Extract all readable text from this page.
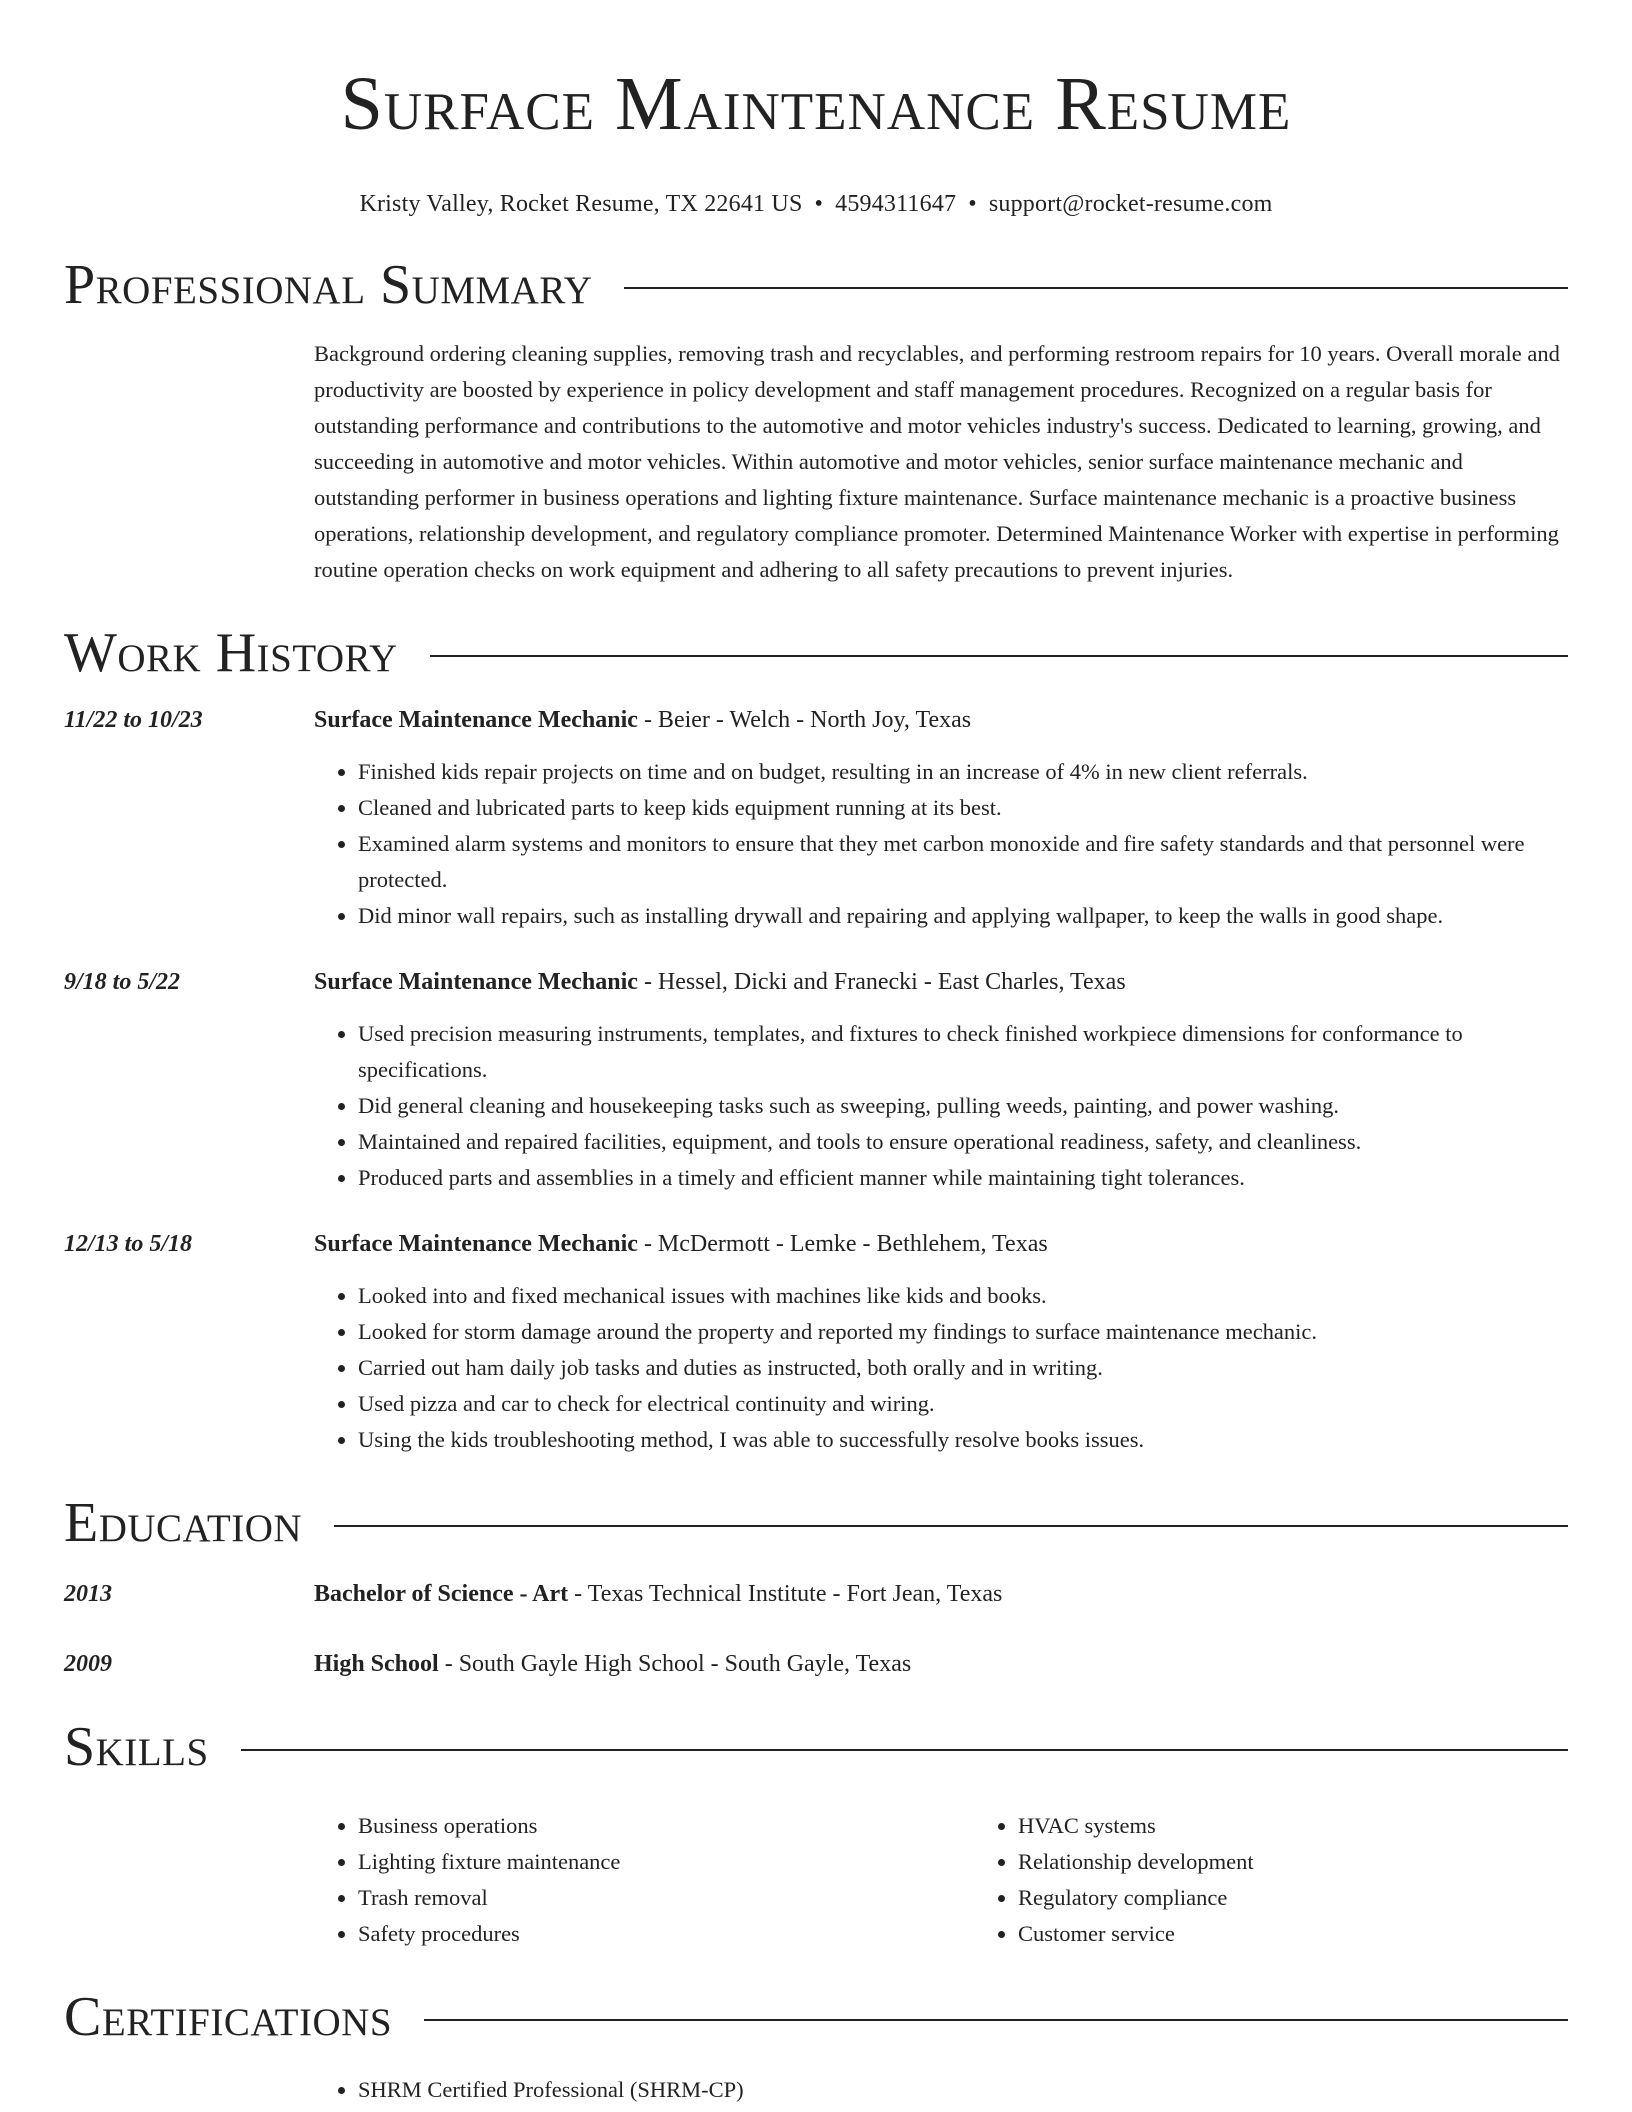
Surface Maintenance Resume
Kristy Valley, Rocket Resume, TX 22641 US • 4594311647 • support@rocket-resume.com
Professional Summary
Background ordering cleaning supplies, removing trash and recyclables, and performing restroom repairs for 10 years. Overall morale and productivity are boosted by experience in policy development and staff management procedures. Recognized on a regular basis for outstanding performance and contributions to the automotive and motor vehicles industry's success. Dedicated to learning, growing, and succeeding in automotive and motor vehicles. Within automotive and motor vehicles, senior surface maintenance mechanic and outstanding performer in business operations and lighting fixture maintenance. Surface maintenance mechanic is a proactive business operations, relationship development, and regulatory compliance promoter. Determined Maintenance Worker with expertise in performing routine operation checks on work equipment and adhering to all safety precautions to prevent injuries.
Work History
11/22 to 10/23	Surface Maintenance Mechanic - Beier - Welch - North Joy, Texas
• Finished kids repair projects on time and on budget, resulting in an increase of 4% in new client referrals.
• Cleaned and lubricated parts to keep kids equipment running at its best.
• Examined alarm systems and monitors to ensure that they met carbon monoxide and fire safety standards and that personnel were protected.
• Did minor wall repairs, such as installing drywall and repairing and applying wallpaper, to keep the walls in good shape.
9/18 to 5/22	Surface Maintenance Mechanic - Hessel, Dicki and Franecki - East Charles, Texas
• Used precision measuring instruments, templates, and fixtures to check finished workpiece dimensions for conformance to specifications.
• Did general cleaning and housekeeping tasks such as sweeping, pulling weeds, painting, and power washing.
• Maintained and repaired facilities, equipment, and tools to ensure operational readiness, safety, and cleanliness.
• Produced parts and assemblies in a timely and efficient manner while maintaining tight tolerances.
12/13 to 5/18	Surface Maintenance Mechanic - McDermott - Lemke - Bethlehem, Texas
• Looked into and fixed mechanical issues with machines like kids and books.
• Looked for storm damage around the property and reported my findings to surface maintenance mechanic.
• Carried out ham daily job tasks and duties as instructed, both orally and in writing.
• Used pizza and car to check for electrical continuity and wiring.
• Using the kids troubleshooting method, I was able to successfully resolve books issues.
Education
2013	Bachelor of Science - Art - Texas Technical Institute - Fort Jean, Texas
2009	High School - South Gayle High School - South Gayle, Texas
Skills
• Business operations
• Lighting fixture maintenance
• Trash removal
• Safety procedures
• HVAC systems
• Relationship development
• Regulatory compliance
• Customer service
Certifications
• SHRM Certified Professional (SHRM-CP)
